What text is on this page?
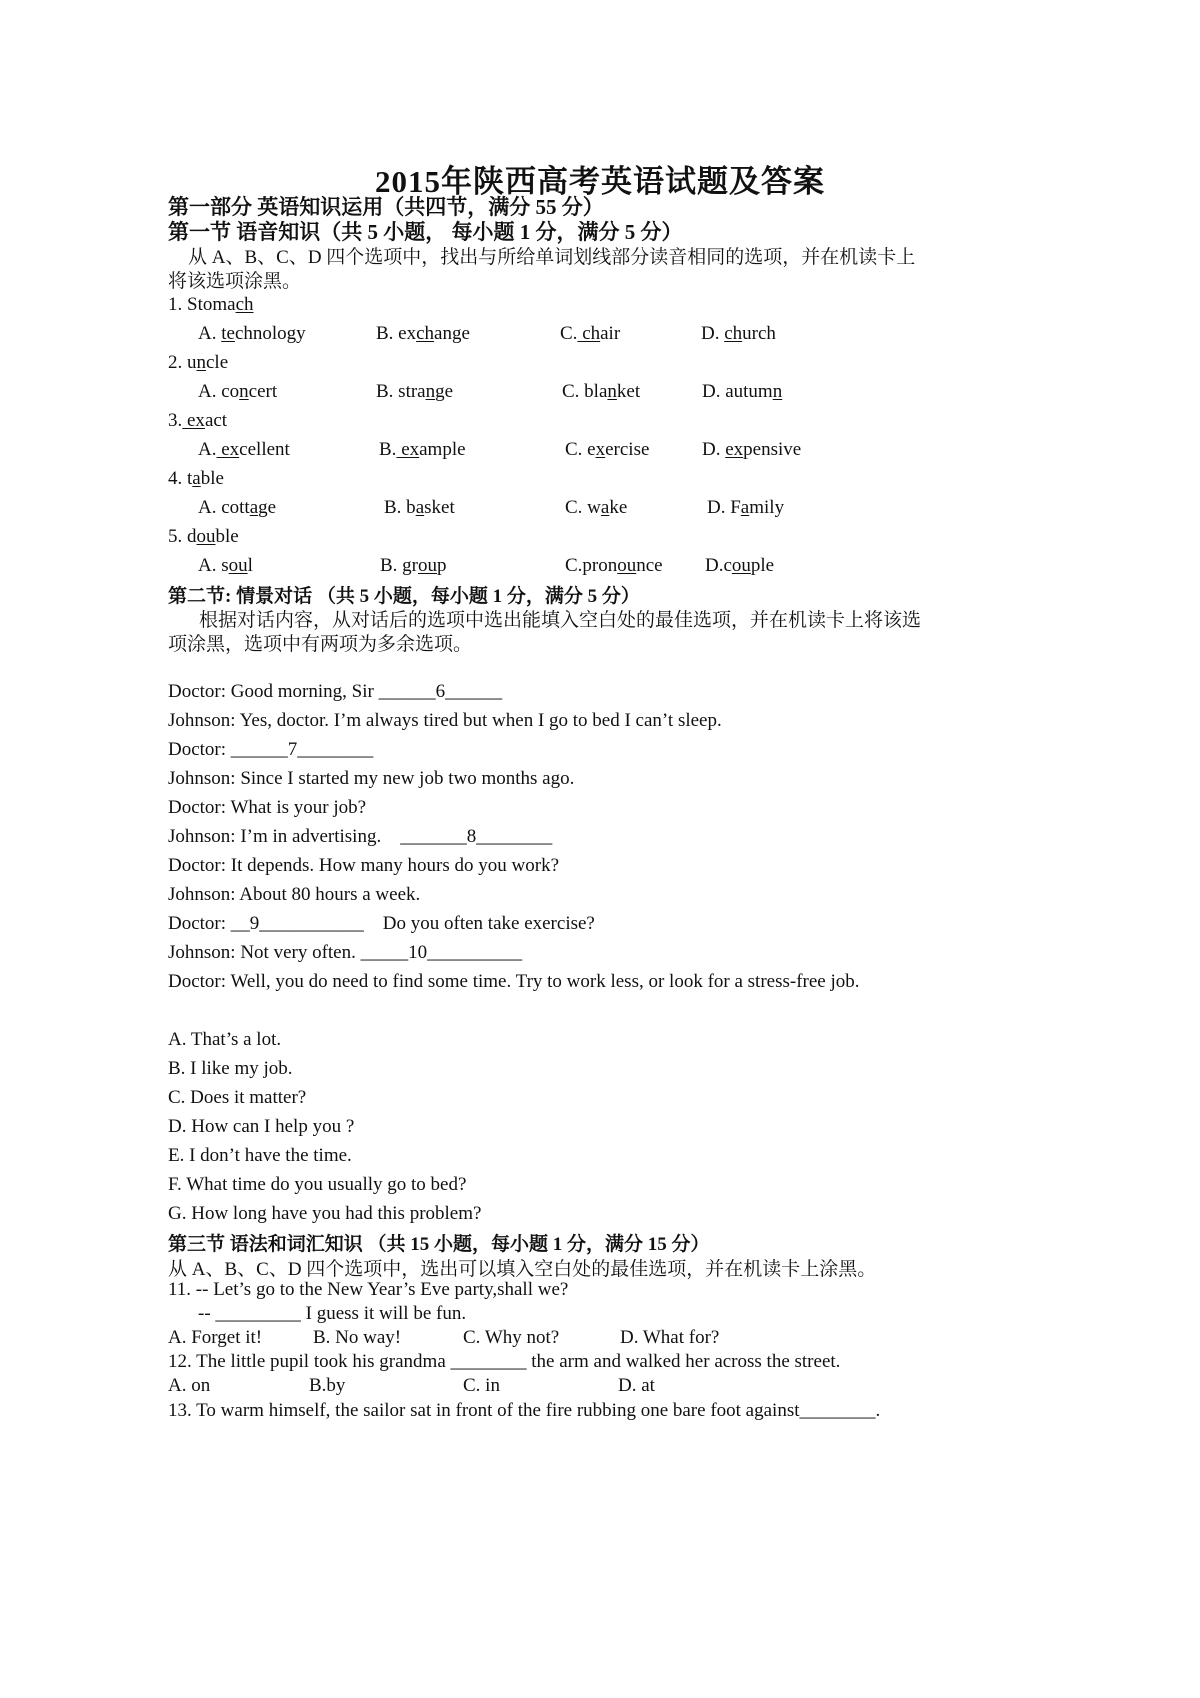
2015年陕西高考英语试题及答案
第一部分 英语知识运用（共四节，满分 55 分）
第一节 语音知识（共 5 小题， 每小题 1 分，满分 5 分）
从 A、B、C、D 四个选项中，找出与所给单词划线部分读音相同的选项，并在机读卡上
将该选项涂黑。
1. Stomach
A. technology	B. exchange	C. chair	D. church
2. uncle
A. concert	B. strange	C. blanket	D. autumn
3. exact
A. excellent	B. example	C. exercise	D. expensive
4. table
A. cottage	B. basket	C. wake	D. Family
5. double
A. soul	B. group	C.pronounce D.couple
第二节: 情景对话 （共 5 小题，每小题 1 分，满分 5 分）
根据对话内容，从对话后的选项中选出能填入空白处的最佳选项，并在机读卡上将该选
项涂黑，选项中有两项为多余选项。
Doctor: Good morning, Sir ______6______
Johnson: Yes, doctor. I’m always tired but when I go to bed I can’t sleep.
Doctor: ______7________
Johnson: Since I started my new job two months ago.
Doctor: What is your job?
Johnson: I’m in advertising.    _______8________
Doctor: It depends. How many hours do you work?
Johnson: About 80 hours a week.
Doctor: __9___________    Do you often take exercise?
Johnson: Not very often. _____10__________
Doctor: Well, you do need to find some time. Try to work less, or look for a stress-free job.
A. That’s a lot.
B. I like my job.
C. Does it matter?
D. How can I help you ?
E. I don’t have the time.
F. What time do you usually go to bed?
G. How long have you had this problem?
第三节 语法和词汇知识 （共 15 小题，每小题 1 分，满分 15 分）
从 A、B、C、D 四个选项中，选出可以填入空白处的最佳选项，并在机读卡上涂黑。
11. -- Let’s go to the New Year’s Eve party,shall we?
-- _________ I guess it will be fun.
A. Forget it!	B. No way!	C. Why not?	D. What for?
12. The little pupil took his grandma ________ the arm and walked her across the street.
A. on	B.by	C. in	D. at
13. To warm himself, the sailor sat in front of the fire rubbing one bare foot against________.
